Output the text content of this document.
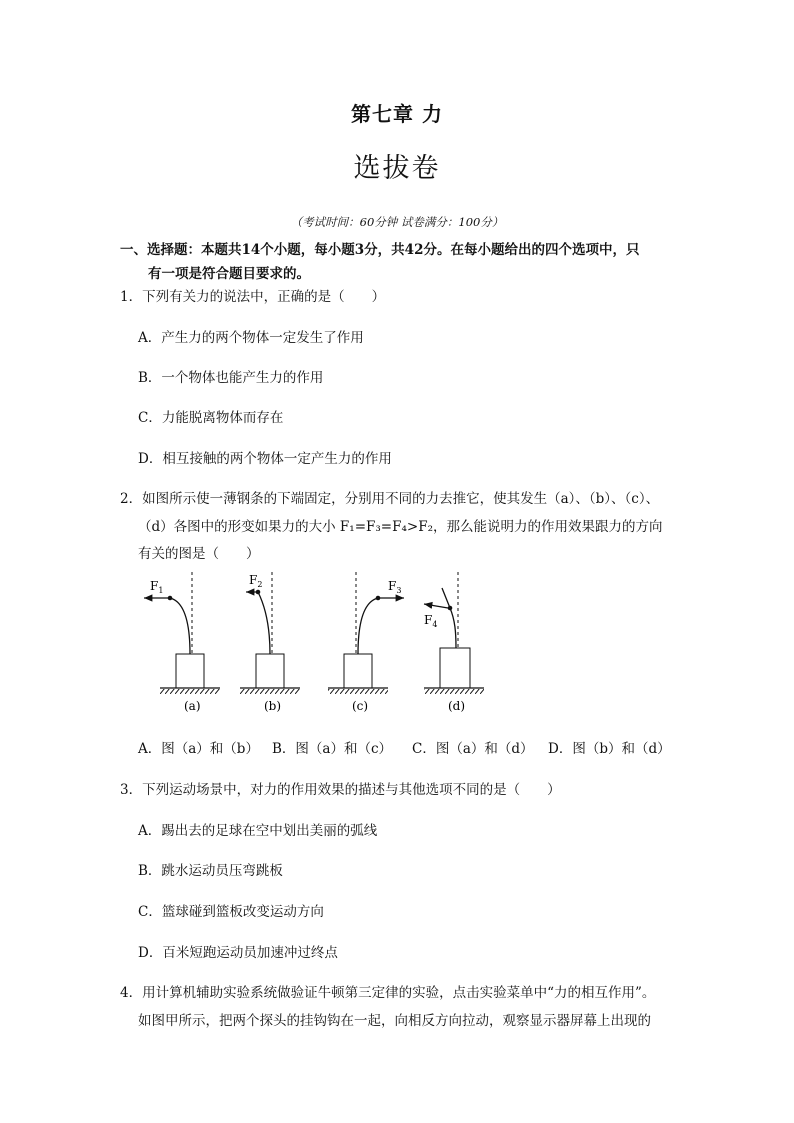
第七章 力
选拔卷
（考试时间：60分钟 试卷满分：100分）
一、选择题：本题共14个小题，每小题3分，共42分。在每小题给出的四个选项中，只
有一项是符合题目要求的。
1．下列有关力的说法中，正确的是（　　）
A．产生力的两个物体一定发生了作用
B．一个物体也能产生力的作用
C．力能脱离物体而存在
D．相互接触的两个物体一定产生力的作用
2．如图所示使一薄钢条的下端固定，分别用不同的力去推它，使其发生（a）、（b）、（c）、
（d）各图中的形变如果力的大小 F₁=F₃=F₄>F₂，那么能说明力的作用效果跟力的方向
有关的图是（　　）
$F_1$
(a)
$F_2$
(b)
$F_3$
(c)
$F_4$
(d)
A．图（a）和（b） B．图（a）和（c） C．图（a）和（d） D．图（b）和（d）
3．下列运动场景中，对力的作用效果的描述与其他选项不同的是（　　）
A．踢出去的足球在空中划出美丽的弧线
B．跳水运动员压弯跳板
C．篮球碰到篮板改变运动方向
D．百米短跑运动员加速冲过终点
4．用计算机辅助实验系统做验证牛顿第三定律的实验，点击实验菜单中“力的相互作用”。
如图甲所示，把两个探头的挂钩钩在一起，向相反方向拉动，观察显示器屏幕上出现的
